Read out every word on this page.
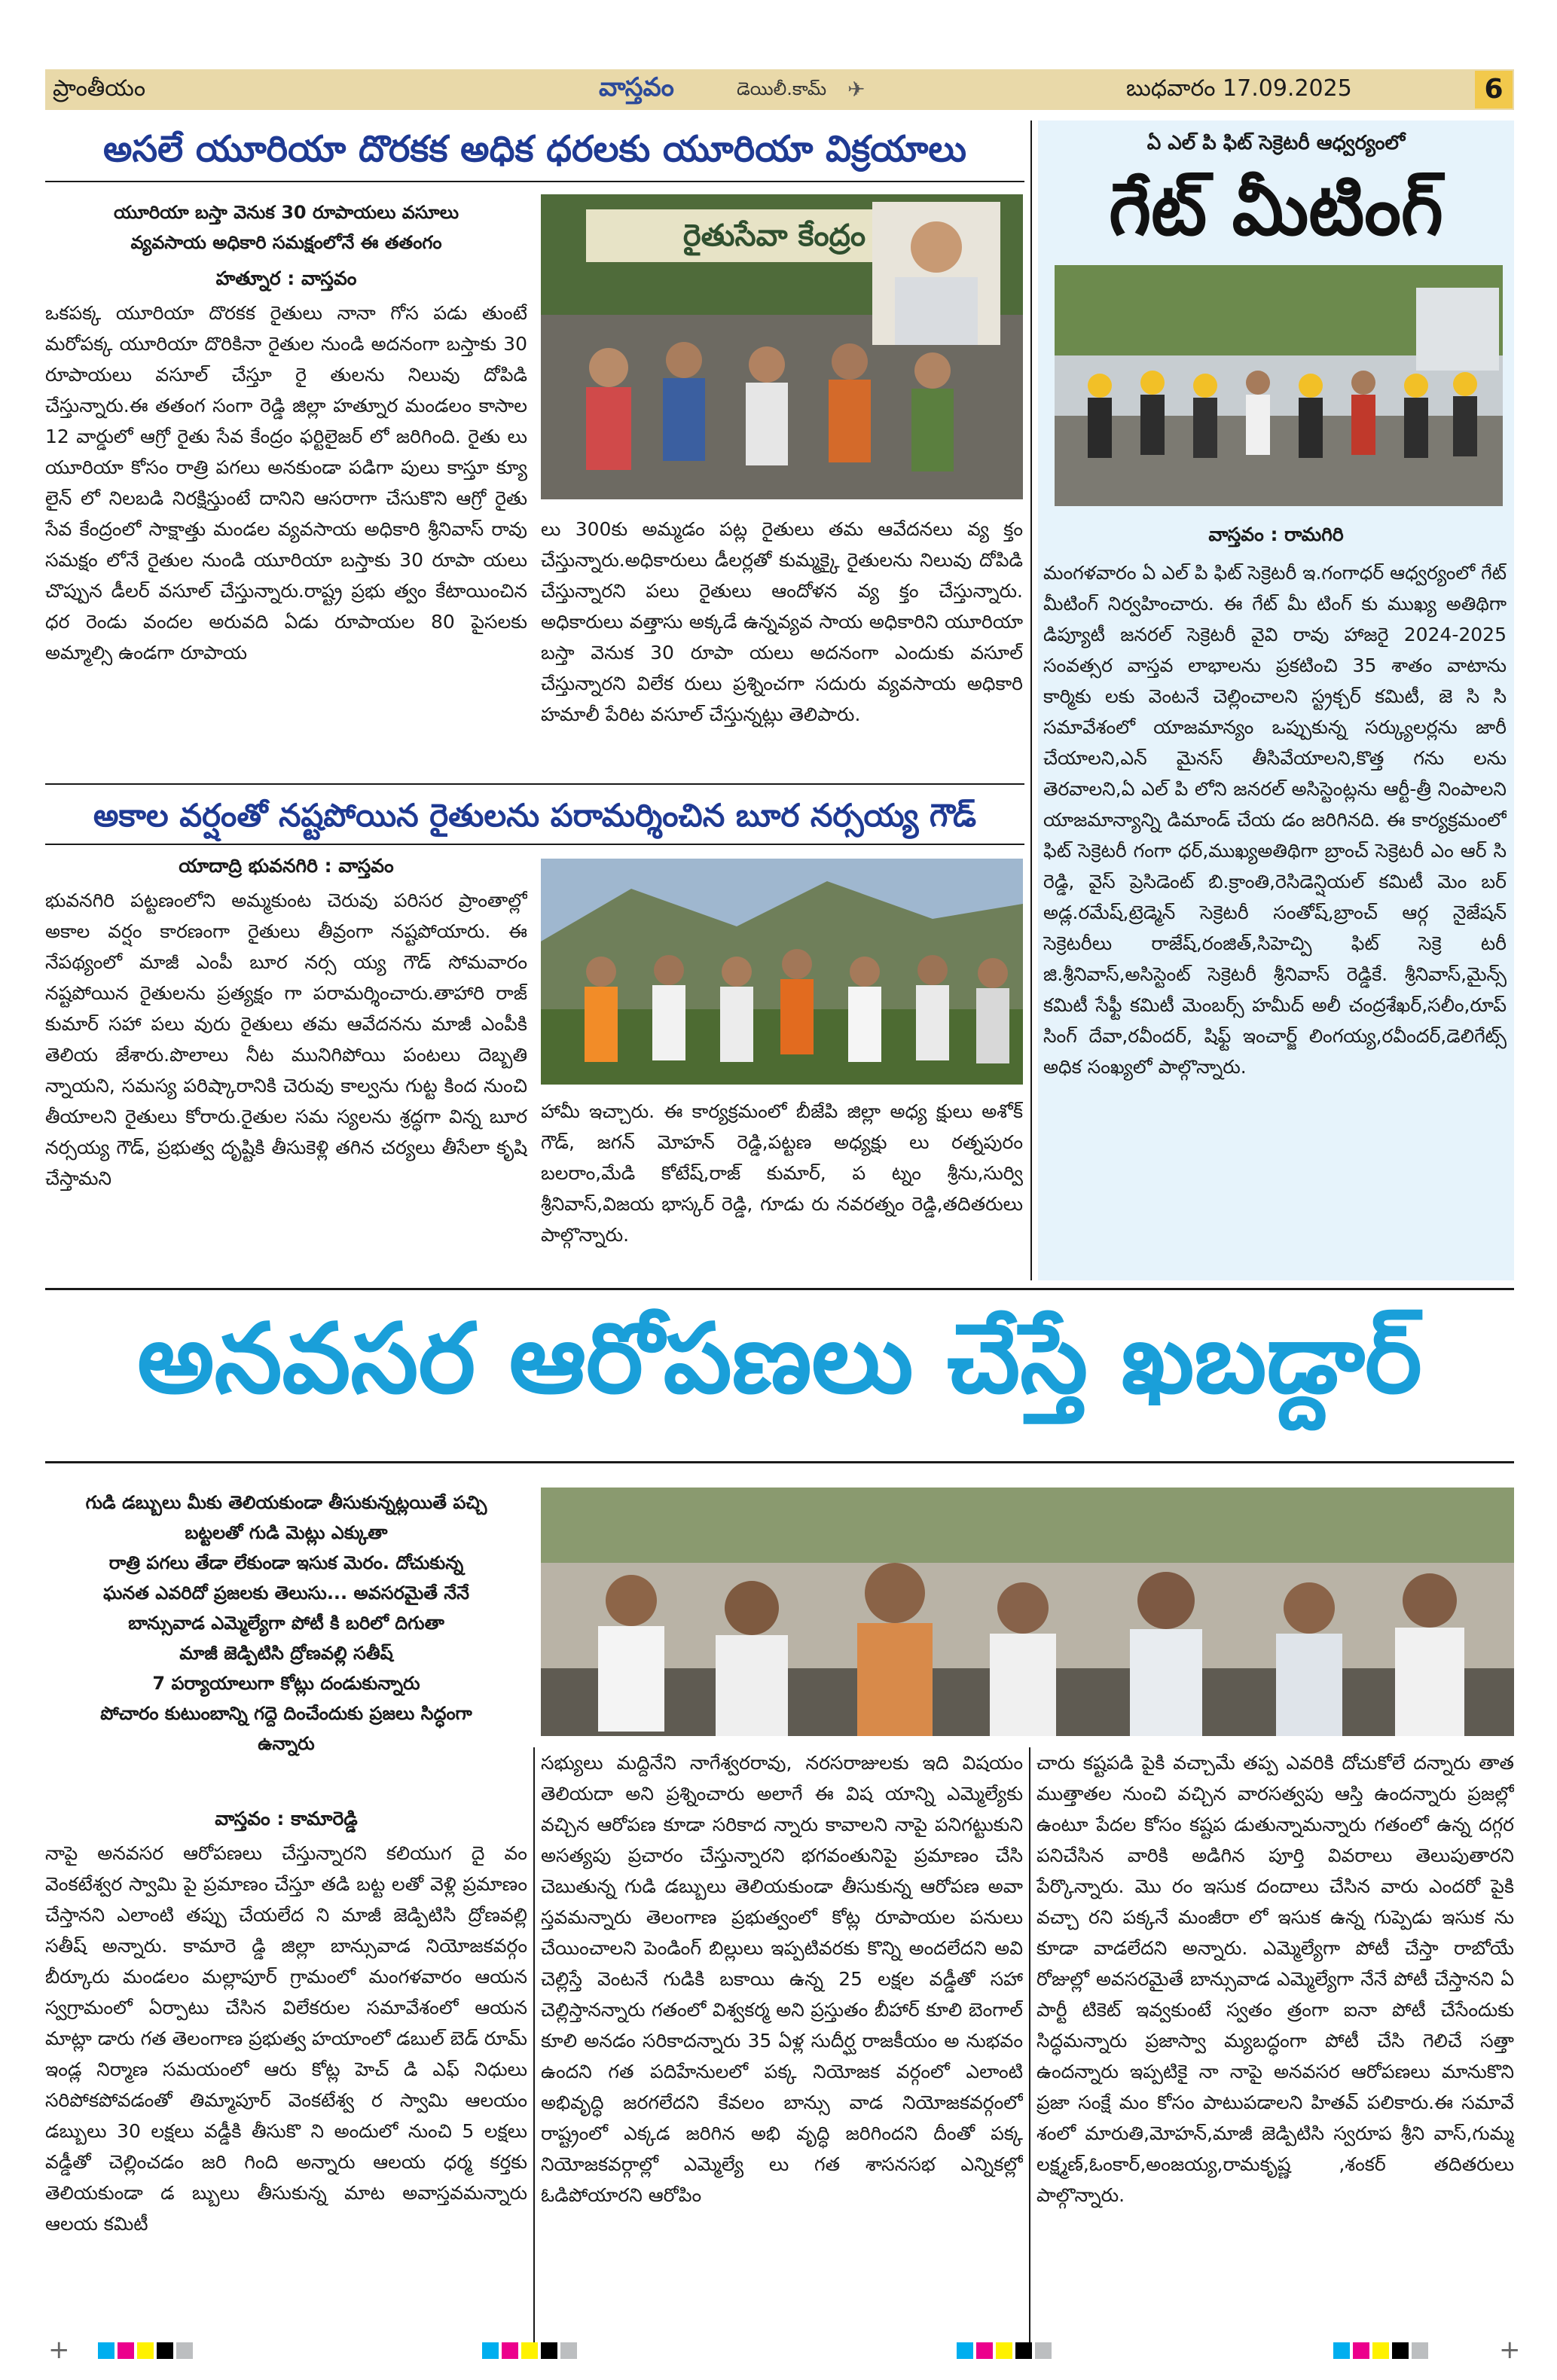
ప్రాంతీయం	వాస్తవం	డెయిలీ.కామ్ ✈	బుధవారం 17.09.2025	6
అసలే యూరియా దొరకక అధిక ధరలకు యూరియా విక్రయాలు
యూరియా బస్తా వెనుక 30 రూపాయలు వసూలు
వ్యవసాయ అధికారి సమక్షంలోనే ఈ తతంగం
హత్నూర : వాస్తవం
ఒకపక్క యూరియా దొరకక రైతులు నానా గోస పడు తుంటే మరోపక్క యూరియా దొరికినా రైతుల నుండి అదనంగా బస్తాకు 30 రూపాయలు వసూల్ చేస్తూ రై తులను నిలువు దోపిడి చేస్తున్నారు.ఈ తతంగ సంగా రెడ్డి జిల్లా హత్నూర మండలం కాసాల 12 వార్డులో ఆగ్రో రైతు సేవ కేంద్రం ఫర్టిలైజర్ లో జరిగింది. రైతు లు యూరియా కోసం రాత్రి పగలు అనకుండా పడిగా పులు కాస్తూ క్యూ లైన్ లో నిలబడి నిరక్షిస్తుంటే దానిని ఆసరాగా చేసుకొని ఆగ్రో రైతు సేవ కేంద్రంలో సాక్షాత్తు మండల వ్యవసాయ అధికారి శ్రీనివాస్ రావు సమక్షం లోనే రైతుల నుండి యూరియా బస్తాకు 30 రూపా యలు చొప్పున డీలర్ వసూల్ చేస్తున్నారు.రాష్ట్ర ప్రభు త్వం కేటాయించిన ధర రెండు వందల అరువది ఏడు రూపాయల 80 పైసలకు అమ్మాల్సి ఉండగా రూపాయ
రైతుసేవా కేంద్రం
లు 300కు అమ్మడం పట్ల రైతులు తమ ఆవేదనలు వ్య క్తం చేస్తున్నారు.అధికారులు డీలర్లతో కుమ్మక్కై రైతులను నిలువు దోపిడి చేస్తున్నారని పలు రైతులు ఆందోళన వ్య క్తం చేస్తున్నారు. అధికారులు వత్తాసు అక్కడే ఉన్నవ్యవ సాయ అధికారిని యూరియా బస్తా వెనుక 30 రూపా యలు అదనంగా ఎందుకు వసూల్ చేస్తున్నారని విలేక రులు ప్రశ్నించగా సదురు వ్యవసాయ అధికారి హమాలీ పేరిట వసూల్ చేస్తున్నట్లు తెలిపారు.
అకాల వర్షంతో నష్టపోయిన రైతులను పరామర్శించిన బూర నర్సయ్య గౌడ్
యాదాద్రి భువనగిరి : వాస్తవం
భువనగిరి పట్టణంలోని అమ్మకుంట చెరువు పరిసర ప్రాంతాల్లో అకాల వర్షం కారణంగా రైతులు తీవ్రంగా నష్టపోయారు. ఈ నేపథ్యంలో మాజీ ఎంపీ బూర నర్స య్య గౌడ్ సోమవారం నష్టపోయిన రైతులను ప్రత్యక్షం గా పరామర్శించారు.తాహారి రాజ్ కుమార్ సహా పలు వురు రైతులు తమ ఆవేదనను మాజీ ఎంపీకి తెలియ జేశారు.పొలాలు నీట మునిగిపోయి పంటలు దెబ్బతి న్నాయని, సమస్య పరిష్కారానికి చెరువు కాల్వను గుట్ట కింద నుంచి తీయాలని రైతులు కోరారు.రైతుల సమ స్యలను శ్రద్ధగా విన్న బూర నర్సయ్య గౌడ్, ప్రభుత్వ దృష్టికి తీసుకెళ్లి తగిన చర్యలు తీసేలా కృషి చేస్తామని
హామీ ఇచ్చారు. ఈ కార్యక్రమంలో బీజేపి జిల్లా అధ్య క్షులు అశోక్ గౌడ్, జగన్ మోహన్ రెడ్డి,పట్టణ అధ్యక్షు లు రత్నపురం బలరాం,మేడి కోటేష్,రాజ్ కుమార్, ప ట్నం శ్రీను,సుర్వి శ్రీనివాస్,విజయ భాస్కర్ రెడ్డి, గూడు రు నవరత్నం రెడ్డి,తదితరులు పాల్గొన్నారు.
ఏ ఎల్ పి ఫిట్ సెక్రెటరీ ఆధ్వర్యంలో
గేట్ మీటింగ్
వాస్తవం : రామగిరి
మంగళవారం ఏ ఎల్ పి ఫిట్ సెక్రెటరీ ఇ.గంగాధర్ ఆధ్వర్యంలో గేట్ మీటింగ్ నిర్వహించారు. ఈ గేట్ మీ టింగ్ కు ముఖ్య అతిథిగా డిప్యూటీ జనరల్ సెక్రెటరీ వైవి రావు హాజరై 2024-2025 సంవత్సర వాస్తవ లాభాలను ప్రకటించి 35 శాతం వాటాను కార్మికు లకు వెంటనే చెల్లించాలని స్ట్రక్చర్ కమిటీ, జె సి సి సమావేశంలో యాజమాన్యం ఒప్పుకున్న సర్క్యులర్లను జారీ చేయాలని,ఎన్ మైనస్ తీసివేయాలని,కొత్త గను లను తెరవాలని,ఏ ఎల్ పి లోని జనరల్ అసిస్టెంట్లను ఆర్టీ-త్రీ నింపాలని యాజమాన్యాన్ని డిమాండ్ చేయ డం జరిగినది. ఈ కార్యక్రమంలో ఫిట్ సెక్రెటరీ గంగా ధర్,ముఖ్యఅతిథిగా బ్రాంచ్ సెక్రెటరీ ఎం ఆర్ సి రెడ్డి, వైస్ ప్రెసిడెంట్ బి.క్రాంతి,రెసిడెన్షియల్ కమిటీ మెం బర్ అడ్ల.రమేష్,ట్రెడ్మెన్ సెక్రెటరీ సంతోష్,బ్రాంచ్ ఆర్గ నైజేషన్ సెక్రెటరీలు రాజేష్,రంజిత్,సిహెచ్పి ఫిట్ సెక్రె టరీ జి.శ్రీనివాస్,అసిస్టెంట్ సెక్రెటరీ శ్రీనివాస్ రెడ్డికే. శ్రీనివాస్,మైన్స్ కమిటీ సేఫ్టీ కమిటీ మెంబర్స్ హమీద్ అలీ చంద్రశేఖర్,సలీం,రూప్ సింగ్ దేవా,రవీందర్, షిఫ్ట్ ఇంచార్జ్ లింగయ్య,రవీందర్,డెలిగేట్స్ అధిక సంఖ్యలో పాల్గొన్నారు.
అనవసర ఆరోపణలు చేస్తే ఖబడ్దార్
గుడి డబ్బులు మీకు తెలియకుండా తీసుకున్నట్లయితే పచ్చి
బట్టలతో గుడి మెట్లు ఎక్కుతా
రాత్రి పగలు తేడా లేకుండా ఇసుక మెరం. దోచుకున్న
ఘనత ఎవరిదో ప్రజలకు తెలుసు... అవసరమైతే నేనే
బాన్సువాడ ఎమ్మెల్యేగా పోటీ కి బరిలో దిగుతా
మాజీ జెడ్పిటిసి ద్రోణవల్లి సతీష్
7 పర్యాయాలుగా కోట్లు దండుకున్నారు
పోచారం కుటుంబాన్ని గద్దె దించేందుకు ప్రజలు సిద్ధంగా
ఉన్నారు
వాస్తవం : కామారెడ్డి
నాపై అనవసర ఆరోపణలు చేస్తున్నారని కలియుగ దై వం వెంకటేశ్వర స్వామి పై ప్రమాణం చేస్తూ తడి బట్ట లతో వెళ్లి ప్రమాణం చేస్తానని ఎలాంటి తప్పు చేయలేద ని మాజీ జెడ్పిటిసి ద్రోణవల్లి సతీష్ అన్నారు. కామారె డ్డి జిల్లా బాన్సువాడ నియోజకవర్గం బీర్కూరు మండలం మల్లాపూర్ గ్రామంలో మంగళవారం ఆయన స్వగ్రామంలో ఏర్పాటు చేసిన విలేకరుల సమావేశంలో ఆయన మాట్లా డారు గత తెలంగాణ ప్రభుత్వ హయాంలో డబుల్ బెడ్ రూమ్ ఇండ్ల నిర్మాణ సమయంలో ఆరు కోట్ల హెచ్ డి ఎఫ్ నిధులు సరిపోకపోవడంతో తిమ్మాపూర్ వెంకటేశ్వ ర స్వామి ఆలయం డబ్బులు 30 లక్షలు వడ్డీకి తీసుకొ ని అందులో నుంచి 5 లక్షలు వడ్డీతో చెల్లించడం జరి గింది అన్నారు ఆలయ ధర్మ కర్తకు తెలియకుండా డ బ్బులు తీసుకున్న మాట అవాస్తవమన్నారు ఆలయ కమిటీ
సభ్యులు మద్దినేని నాగేశ్వరరావు, నరసరాజులకు ఇది విషయం తెలియదా అని ప్రశ్నించారు అలాగే ఈ విష యాన్ని ఎమ్మెల్యేకు వచ్చిన ఆరోపణ కూడా సరికాద న్నారు కావాలని నాపై పనిగట్టుకుని అసత్యపు ప్రచారం చేస్తున్నారని భగవంతునిపై ప్రమాణం చేసి చెబుతున్న గుడి డబ్బులు తెలియకుండా తీసుకున్న ఆరోపణ అవా స్తవమన్నారు తెలంగాణ ప్రభుత్వంలో కోట్ల రూపాయల పనులు చేయించాలని పెండింగ్ బిల్లులు ఇప్పటివరకు కొన్ని అందలేదని అవి చెల్లిస్తే వెంటనే గుడికి బకాయి ఉన్న 25 లక్షల వడ్డీతో సహా చెల్లిస్తానన్నారు గతంలో విశ్వకర్మ అని ప్రస్తుతం బీహార్ కూలి బెంగాల్ కూలి అనడం సరికాదన్నారు 35 ఏళ్ల సుదీర్ఘ రాజకీయం అ నుభవం ఉందని గత పదిహేనులలో పక్క నియోజక వర్గంలో ఎలాంటి అభివృద్ధి జరగలేదని కేవలం బాన్సు వాడ నియోజకవర్గంలో రాష్ట్రంలో ఎక్కడ జరిగిన అభి వృద్ధి జరిగిందని దీంతో పక్క నియోజకవర్గాల్లో ఎమ్మెల్యే లు గత శాసనసభ ఎన్నికల్లో ఓడిపోయారని ఆరోపిం
చారు కష్టపడి పైకి వచ్చామే తప్ప ఎవరికి దోచుకోలే దన్నారు తాత ముత్తాతల నుంచి వచ్చిన వారసత్వపు ఆస్తి ఉందన్నారు ప్రజల్లో ఉంటూ పేదల కోసం కష్టప డుతున్నామన్నారు గతంలో ఉన్న దగ్గర పనిచేసిన వారికి అడిగిన పూర్తి వివరాలు తెలుపుతారని పేర్కొన్నారు. మొ రం ఇసుక దందాలు చేసిన వారు ఎందరో పైకి వచ్చా రని పక్కనే మంజీరా లో ఇసుక ఉన్న గుప్పెడు ఇసుక ను కూడా వాడలేదని అన్నారు. ఎమ్మెల్యేగా పోటీ చేస్తా రాబోయే రోజుల్లో అవసరమైతే బాన్సువాడ ఎమ్మెల్యేగా నేనే పోటీ చేస్తానని ఏ పార్టీ టికెట్ ఇవ్వకుంటే స్వతం త్రంగా ఐనా పోటీ చేసేందుకు సిద్ధమన్నారు ప్రజాస్వా మ్యబద్ధంగా పోటీ చేసి గెలిచే సత్తా ఉందన్నారు ఇప్పటికై నా నాపై అనవసర ఆరోపణలు మానుకొని ప్రజా సంక్షే మం కోసం పాటుపడాలని హితవ్ పలికారు.ఈ సమావే శంలో మారుతి,మోహన్,మాజీ జెడ్పిటిసి స్వరూప శ్రీని వాస్,గుమ్మ లక్ష్మణ్,ఓంకార్,అంజయ్య,రామకృష్ణ ,శంకర్ తదితరులు పాల్గొన్నారు.
+	+
